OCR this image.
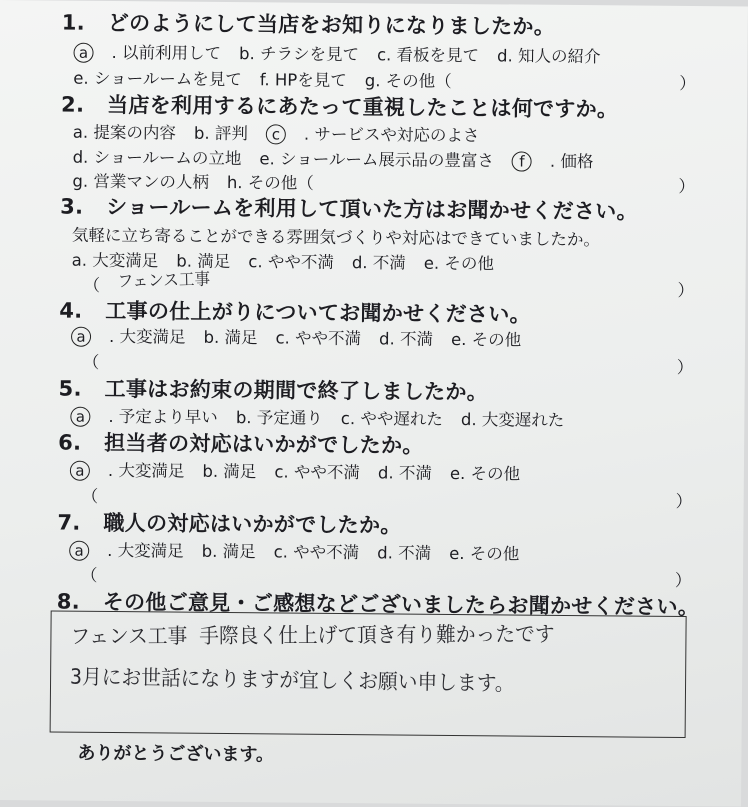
1. どのようにして当店をお知りになりましたか。
a . 以前利用して b. チラシを見て c. 看板を見て d. 知人の紹介
e. ショールームを見て f. HPを見て g. その他（	）
2. 当店を利用するにあたって重視したことは何ですか。
a. 提案の内容 b. 評判 c . サービスや対応のよさ
d. ショールームの立地 e. ショールーム展示品の豊富さ f . 価格
g. 営業マンの人柄 h. その他（	）
3. ショールームを利用して頂いた方はお聞かせください。
気軽に立ち寄ることができる雰囲気づくりや対応はできていましたか。
a. 大変満足 b. 満足 c. やや不満 d. 不満 e. その他
（ フェンス工事	）
4. 工事の仕上がりについてお聞かせください。
a . 大変満足 b. 満足 c. やや不満 d. 不満 e. その他
（	）
5. 工事はお約束の期間で終了しましたか。
a . 予定より早い b. 予定通り c. やや遅れた d. 大変遅れた
6. 担当者の対応はいかがでしたか。
a . 大変満足 b. 満足 c. やや不満 d. 不満 e. その他
（	）
7. 職人の対応はいかがでしたか。
a . 大変満足 b. 満足 c. やや不満 d. 不満 e. その他
（	）
8. その他ご意見・ご感想などございましたらお聞かせください。
フェンス工事 手際良く仕上げて頂き有り難かったです
3月にお世話になりますが宜しくお願い申します。
ありがとうございます。
